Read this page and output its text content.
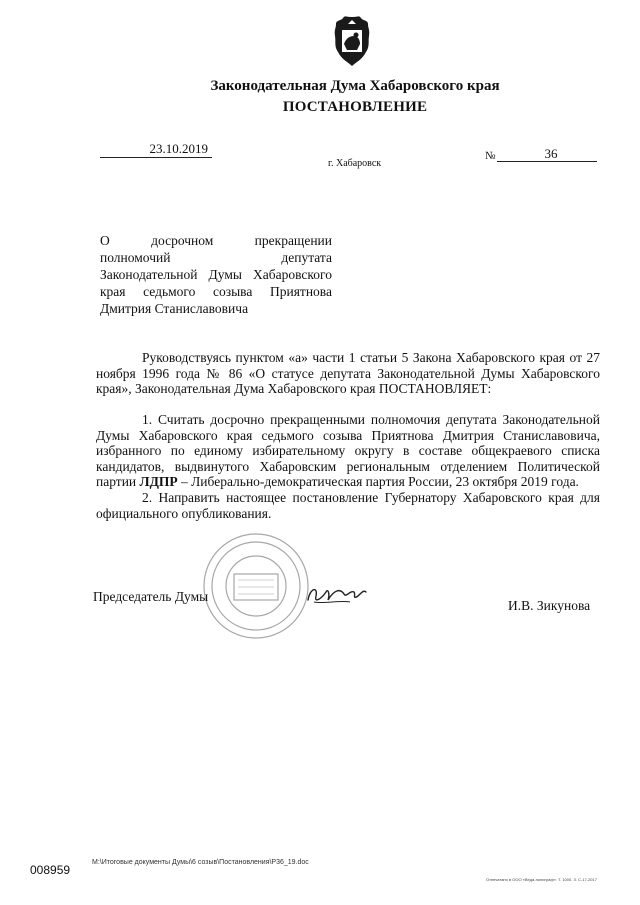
Законодательная Дума Хабаровского края
ПОСТАНОВЛЕНИЕ
23.10.2019
г. Хабаровск
№	36
О досрочном прекращении
полномочий депутата
Законодательной Думы Хабаровского
края седьмого созыва Приятнова
Дмитрия Станиславовича
Руководствуясь пунктом «а» части 1 статьи 5 Закона Хабаровского края от 27 ноября 1996 года № 86 «О статусе депутата Законодательной Думы Хабаровского края», Законодательная Дума Хабаровского края ПОСТАНОВЛЯЕТ:
1. Считать досрочно прекращенными полномочия депутата Законодательной Думы Хабаровского края седьмого созыва Приятнова Дмитрия Станиславовича, избранного по единому избирательному округу в составе общекраевого списка кандидатов, выдвинутого Хабаровским региональным отделением Политической партии ЛДПР – Либерально-демократическая партия России, 23 октября 2019 года.
2. Направить настоящее постановление Губернатору Хабаровского края для официального опубликования.
Председатель Думы
И.В. Зикунова
008959
M:\Итоговые документы Думы\6 созыв\Постановления\P36_19.doc
Отпечатано в ООО «Веда-полиграф». Т. 1000. З. С-17-2017
